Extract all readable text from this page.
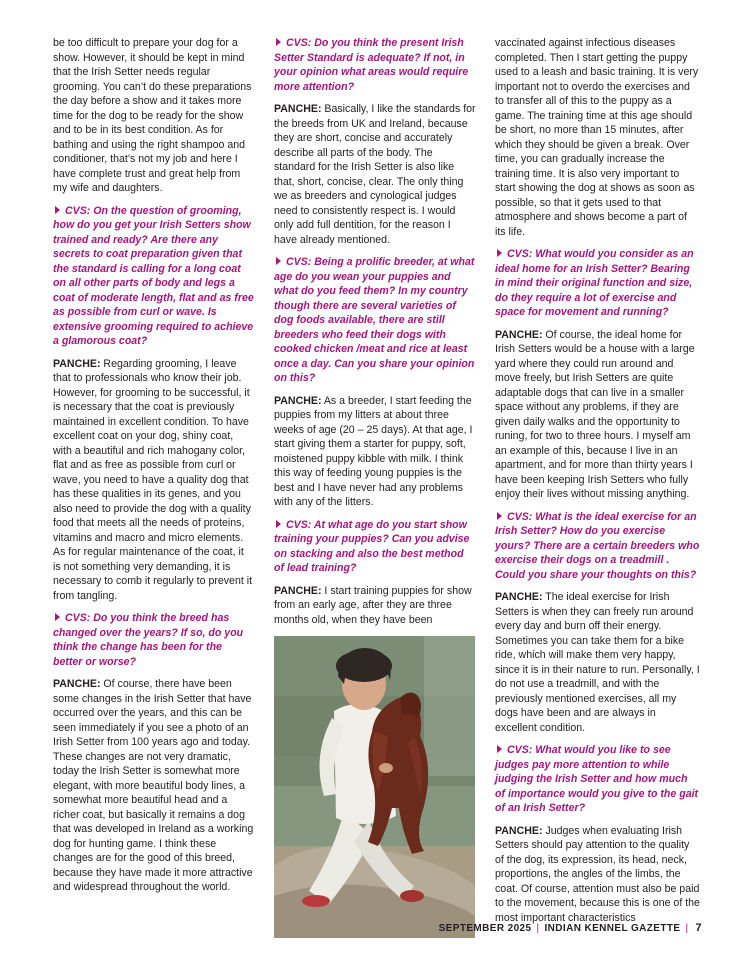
be too difficult to prepare your dog for a show. However, it should be kept in mind that the Irish Setter needs regular grooming. You can’t do these preparations the day before a show and it takes more time for the dog to be ready for the show and to be in its best condition. As for bathing and using the right shampoo and conditioner, that’s not my job and here I have complete trust and great help from my wife and daughters.
CVS: On the question of grooming, how do you get your Irish Setters show trained and ready? Are there any secrets to coat preparation given that the standard is calling for a long coat on all other parts of body and legs a coat of moderate length, flat and as free as possible from curl or wave. Is extensive grooming required to achieve a glamorous coat?
PANCHE: Regarding grooming, I leave that to professionals who know their job. However, for grooming to be successful, it is necessary that the coat is previously maintained in excellent condition. To have excellent coat on your dog, shiny coat, with a beautiful and rich mahogany color, flat and as free as possible from curl or wave, you need to have a quality dog that has these qualities in its genes, and you also need to provide the dog with a quality food that meets all the needs of proteins, vitamins and macro and micro elements. As for regular maintenance of the coat, it is not something very demanding, it is necessary to comb it regularly to prevent it from tangling.
CVS: Do you think the breed has changed over the years? If so, do you think the change has been for the better or worse?
PANCHE: Of course, there have been some changes in the Irish Setter that have occurred over the years, and this can be seen immediately if you see a photo of an Irish Setter from 100 years ago and today. These changes are not very dramatic, today the Irish Setter is somewhat more elegant, with more beautiful body lines, a somewhat more beautiful head and a richer coat, but basically it remains a dog that was developed in Ireland as a working dog for hunting game. I think these changes are for the good of this breed, because they have made it more attractive and widespread throughout the world.
CVS: Do you think the present Irish Setter Standard is adequate? If not, in your opinion what areas would require more attention?
PANCHE: Basically, I like the standards for the breeds from UK and Ireland, because they are short, concise and accurately describe all parts of the body. The standard for the Irish Setter is also like that, short, concise, clear. The only thing we as breeders and cynological judges need to consistently respect is. I would only add full dentition, for the reason I have already mentioned.
CVS: Being a prolific breeder, at what age do you wean your puppies and what do you feed them? In my country though there are several varieties of dog foods available, there are still breeders who feed their dogs with cooked chicken /meat and rice at least once a day. Can you share your opinion on this?
PANCHE: As a breeder, I start feeding the puppies from my litters at about three weeks of age (20 – 25 days). At that age, I start giving them a starter for puppy, soft, moistened puppy kibble with milk. I think this way of feeding young puppies is the best and I have never had any problems with any of the litters.
CVS: At what age do you start show training your puppies? Can you advise on stacking and also the best method of lead training?
PANCHE: I start training puppies for show from an early age, after they are three months old, when they have been
vaccinated against infectious diseases completed. Then I start getting the puppy used to a leash and basic training. It is very important not to overdo the exercises and to transfer all of this to the puppy as a game. The training time at this age should be short, no more than 15 minutes, after which they should be given a break. Over time, you can gradually increase the training time. It is also very important to start showing the dog at shows as soon as possible, so that it gets used to that atmosphere and shows become a part of its life.
CVS: What would you consider as an ideal home for an Irish Setter? Bearing in mind their original function and size, do they require a lot of exercise and space for movement and running?
PANCHE: Of course, the ideal home for Irish Setters would be a house with a large yard where they could run around and move freely, but Irish Setters are quite adaptable dogs that can live in a smaller space without any problems, if they are given daily walks and the opportunity to runing, for two to three hours. I myself am an example of this, because I live in an apartment, and for more than thirty years I have been keeping Irish Setters who fully enjoy their lives without missing anything.
CVS: What is the ideal exercise for an Irish Setter? How do you exercise yours? There are a certain breeders who exercise their dogs on a treadmill . Could you share your thoughts on this?
PANCHE: The ideal exercise for Irish Setters is when they can freely run around every day and burn off their energy. Sometimes you can take them for a bike ride, which will make them very happy, since it is in their nature to run. Personally, I do not use a treadmill, and with the previously mentioned exercises, all my dogs have been and are always in excellent condition.
CVS: What would you like to see judges pay more attention to while judging the Irish Setter and how much of importance would you give to the gait of an Irish Setter?
PANCHE: Judges when evaluating Irish Setters should pay attention to the quality of the dog, its expression, its head, neck, proportions, the angles of the limbs, the coat. Of course, attention must also be paid to the movement, because this is one of the most important characteristics
SEPTEMBER 2025 | INDIAN KENNEL GAZETTE | 7
